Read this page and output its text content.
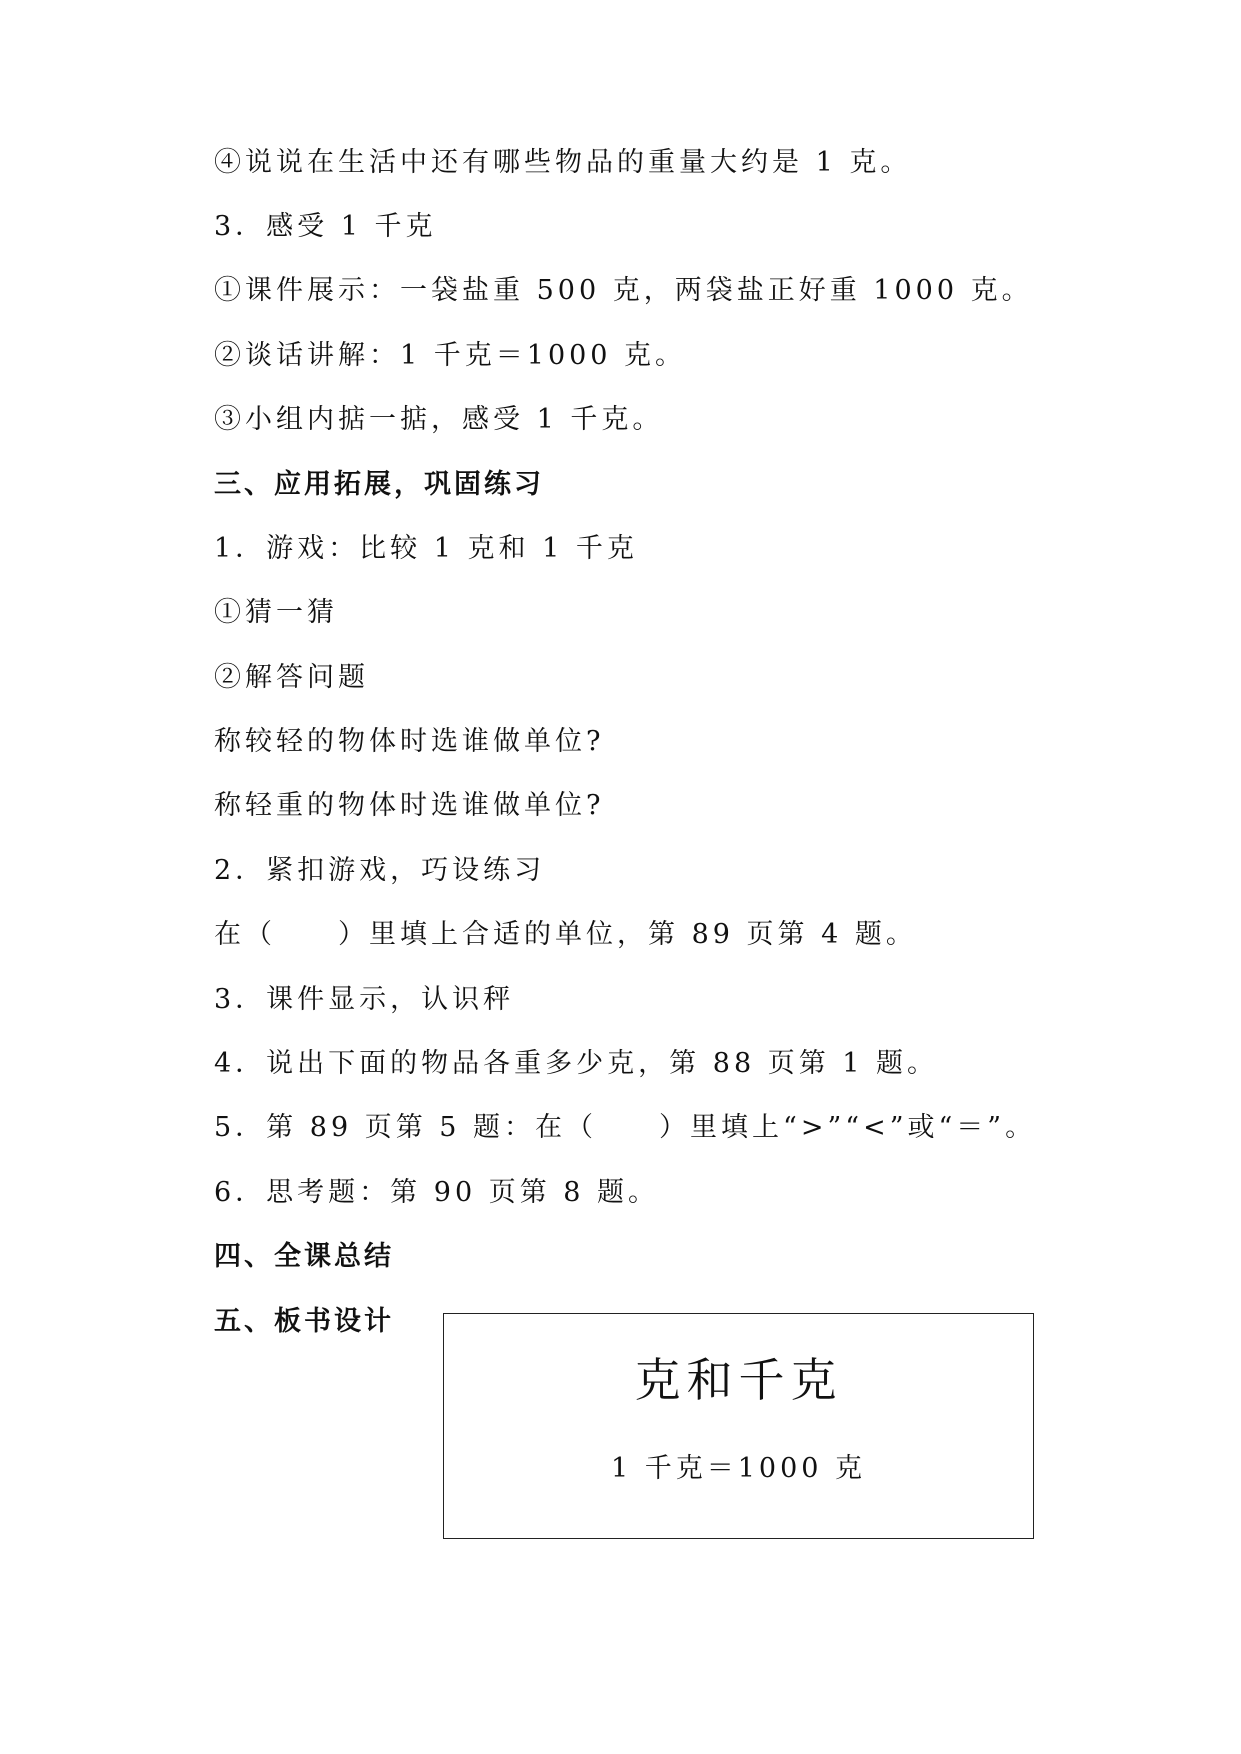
④说说在生活中还有哪些物品的重量大约是 1 克。
3．感受 1 千克
①课件展示：一袋盐重 500 克，两袋盐正好重 1000 克。
②谈话讲解：1 千克＝1000 克。
③小组内掂一掂，感受 1 千克。
三、应用拓展，巩固练习
1．游戏：比较 1 克和 1 千克
①猜一猜
②解答问题
称较轻的物体时选谁做单位?
称轻重的物体时选谁做单位?
2．紧扣游戏，巧设练习
在（　　）里填上合适的单位，第 89 页第 4 题。
3．课件显示，认识秤
4．说出下面的物品各重多少克，第 88 页第 1 题。
5．第 89 页第 5 题：在（　　）里填上“>”“<”或“＝”。
6．思考题：第 90 页第 8 题。
四、全课总结
五、板书设计
克和千克
1 千克＝1000 克
